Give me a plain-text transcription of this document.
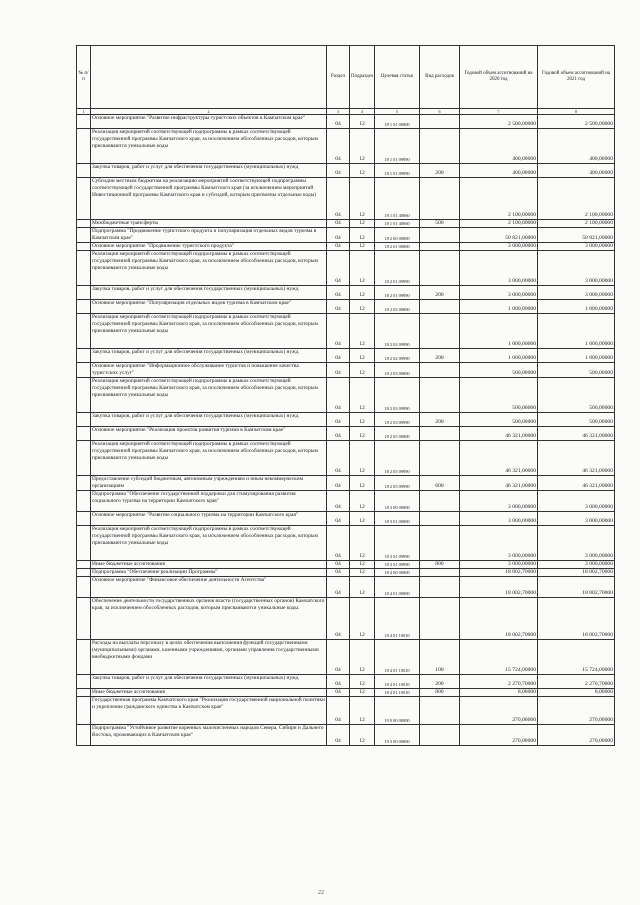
№ п/п		Раздел	Подраздел	Целевая статья	Вид расходов	Годовой объем ассигнований на 2020 год	Годовой объем ассигнований на 2021 год
1	2	3	4	5	6	7	8
	Основное мероприятие "Развитие инфраструктуры туристских объектов в Камчатском крае"	04	12	18 1 01 00000		2 500,00000	2 500,00000
	Реализация мероприятий соответствующей подпрограммы в рамках соответствующей государственной программы Камчатского края, за исключением обособленных расходов, которым присваиваются уникальные коды	04	12	18 1 01 09990		400,00000	400,00000
	Закупка товаров, работ и услуг для обеспечения государственных (муниципальных) нужд	04	12	18 1 01 09990	200	400,00000	400,00000
	Субсидии местным бюджетам на реализацию мероприятий соответствующей подпрограммы соответствующей государственной программы Камчатского края (за исключением мероприятий Инвестиционной программы Камчатского края и субсидий, которым присвоены отдельные коды)	04	12	18 1 01 40060		2 100,00000	2 100,00000
	Межбюджетные трансферты	04	12	18 1 01 40060	500	2 100,00000	2 100,00000
	Подпрограмма "Продвижение туристского продукта и популяризация отдельных видов туризма в Камчатском крае"	04	12	18 2 00 00000		50 821,00000	50 821,00000
	Основное мероприятие "Продвижение туристского продукта"	04	12	18 2 01 00000		3 000,00000	3 000,00000
	Реализация мероприятий соответствующей подпрограммы в рамках соответствующей государственной программы Камчатского края, за исключением обособленных расходов, которым присваиваются уникальные коды	04	12	18 2 01 09990		3 000,00000	3 000,00000
	Закупка товаров, работ и услуг для обеспечения государственных (муниципальных) нужд	04	12	18 2 01 09990	200	3 000,00000	3 000,00000
	Основное мероприятие "Популяризация отдельных видов туризма в Камчатском крае"	04	12	18 2 02 00000		1 000,00000	1 000,00000
	Реализация мероприятий соответствующей подпрограммы в рамках соответствующей государственной программы Камчатского края, за исключением обособленных расходов, которым присваиваются уникальные коды	04	12	18 2 02 09990		1 000,00000	1 000,00000
	Закупка товаров, работ и услуг для обеспечения государственных (муниципальных) нужд	04	12	18 2 02 09990	200	1 000,00000	1 000,00000
	Основное мероприятие "Информационное обслуживание туристов и повышение качества туристских услуг"	04	12	18 2 03 00000		500,00000	500,00000
	Реализация мероприятий соответствующей подпрограммы в рамках соответствующей государственной программы Камчатского края, за исключением обособленных расходов, которым присваиваются уникальные коды	04	12	18 2 03 09990		500,00000	500,00000
	Закупка товаров, работ и услуг для обеспечения государственных (муниципальных) нужд	04	12	18 2 03 09990	200	500,00000	500,00000
	Основное мероприятие "Реализация проектов развития туризма в Камчатском крае"	04	12	18 2 05 00000		46 321,00000	46 321,00000
	Реализация мероприятий соответствующей подпрограммы в рамках соответствующей государственной программы Камчатского края, за исключением обособленных расходов, которым присваиваются уникальные коды	04	12	18 2 05 09990		46 321,00000	46 321,00000
	Предоставление субсидий бюджетным, автономным учреждениям и иным некоммерческим организациям	04	12	18 2 05 09990	600	46 321,00000	46 321,00000
	Подпрограмма "Обеспечение государственной поддержки для стимулирования развития социального туризма на территории Камчатского края"	04	12	18 3 00 00000		3 000,00000	3 000,00000
	Основное мероприятие "Развитие социального туризма на территории Камчатского края"	04	12	18 3 01 00000		3 000,00000	3 000,00000
	Реализация мероприятий соответствующей подпрограммы в рамках соответствующей государственной программы Камчатского края, за исключением обособленных расходов, которым присваиваются уникальные коды	04	12	18 3 01 09990		3 000,00000	3 000,00000
	Иные бюджетные ассигнования	04	12	18 3 01 09990	800	3 000,00000	3 000,00000
	Подпрограмма "Обеспечение реализации Программы"	04	12	18 4 00 00000		18 002,70000	18 002,70000
	Основное мероприятие "Финансовое обеспечение деятельности Агентства"	04	12	18 4 01 00000		18 002,70000	18 002,70000
	Обеспечение деятельности государственных органов власти (государственных органов) Камчатского края, за исключением обособленных расходов, которым присваиваются уникальные коды.	04	12	18 4 01 10010		18 002,70000	18 002,70000
	Расходы на выплаты персоналу в целях обеспечения выполнения функций государственными (муниципальными) органами, казенными учреждениями, органами управления государственными внебюджетными фондами	04	12	18 4 01 10010	100	15 724,00000	15 724,00000
	Закупка товаров, работ и услуг для обеспечения государственных (муниципальных) нужд	04	12	18 4 01 10010	200	2 270,70000	2 270,70000
	Иные бюджетные ассигнования	04	12	18 4 01 10010	800	8,00000	8,00000
	Государственная программа Камчатского края "Реализация государственной национальной политики и укрепление гражданского единства в Камчатском крае"	04	12	19 0 00 00000		270,00000	270,00000
	Подпрограмма "Устойчивое развитие коренных малочисленных народов Севера, Сибири и Дальнего Востока, проживающих в Камчатском крае"	04	12	19 3 00 00000		270,00000	270,00000
22
